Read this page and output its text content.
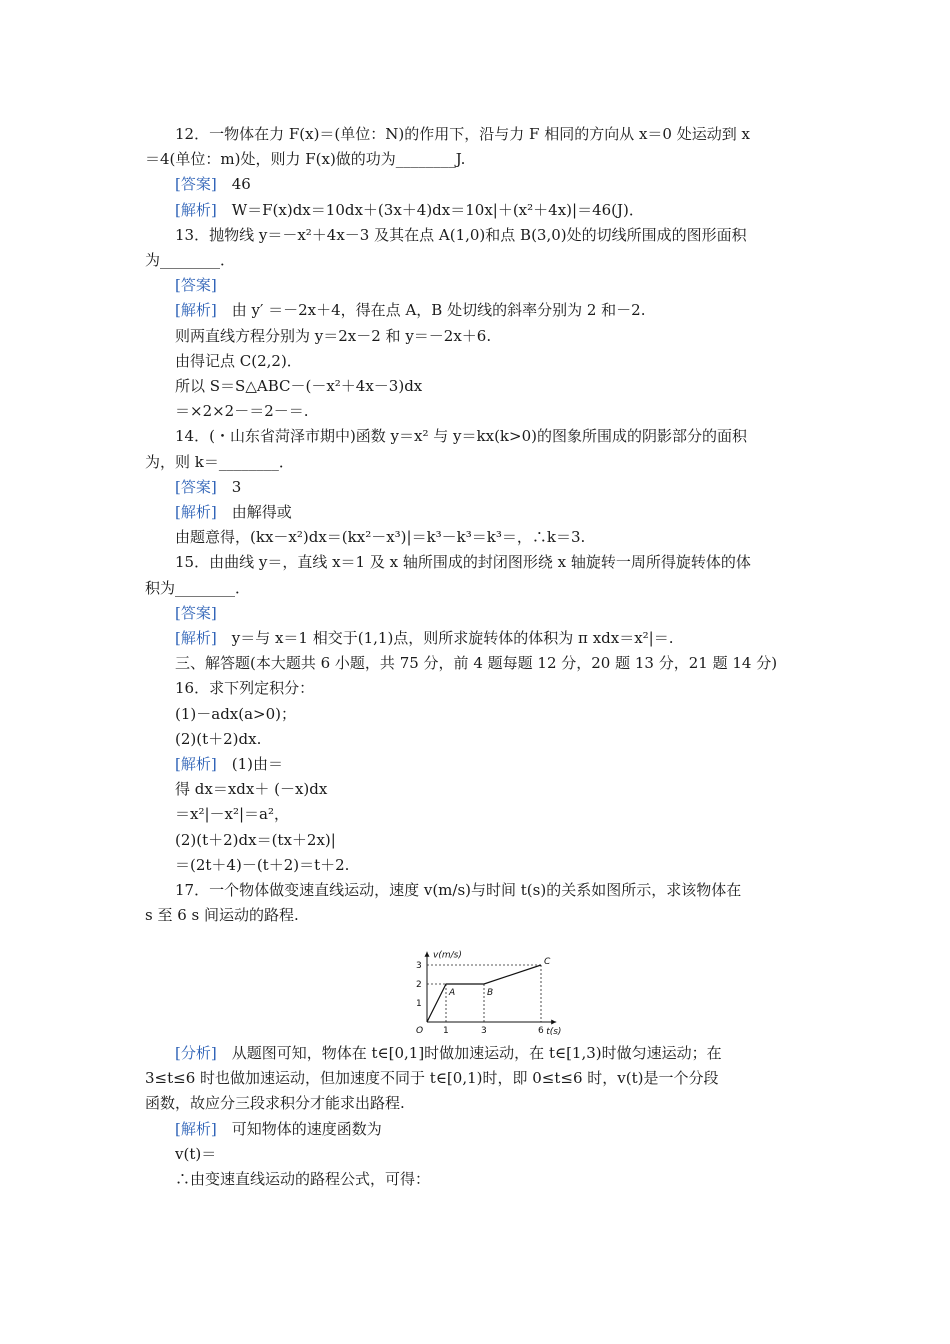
12．一物体在力 F(x)＝(单位：N)的作用下，沿与力 F 相同的方向从 x＝0 处运动到 x
＝4(单位：m)处，则力 F(x)做的功为________J.
[答案]　46
[解析]　W＝F(x)dx＝10dx＋(3x＋4)dx＝10x|＋(x²＋4x)|＝46(J)．
13．抛物线 y＝－x²＋4x－3 及其在点 A(1,0)和点 B(3,0)处的切线所围成的图形面积
为________．
[答案]
[解析]　由 y′ ＝－2x＋4，得在点 A，B 处切线的斜率分别为 2 和－2.
则两直线方程分别为 y＝2x－2 和 y＝－2x＋6.
由得记点 C(2,2)．
所以 S＝S△ABC－(－x²＋4x－3)dx
＝×2×2－＝2－＝.
14．(・山东省菏泽市期中)函数 y＝x² 与 y＝kx(k>0)的图象所围成的阴影部分的面积
为，则 k＝________．
[答案]　3
[解析]　由解得或
由题意得，(kx－x²)dx＝(kx²－x³)|＝k³－k³＝k³＝，∴k＝3.
15．由曲线 y＝，直线 x＝1 及 x 轴所围成的封闭图形绕 x 轴旋转一周所得旋转体的体
积为________．
[答案]
[解析]　y＝与 x＝1 相交于(1,1)点，则所求旋转体的体积为 π xdx＝x²|＝.
三、解答题(本大题共 6 小题，共 75 分，前 4 题每题 12 分，20 题 13 分，21 题 14 分)
16．求下列定积分：
(1)－adx(a>0)；
(2)(t＋2)dx.
[解析]　(1)由＝
得 dx＝xdx＋ (－x)dx
＝x²|－x²|＝a²，
(2)(t＋2)dx＝(tx＋2x)|
＝(2t＋4)－(t＋2)＝t＋2.
17．一个物体做变速直线运动，速度 v(m/s)与时间 t(s)的关系如图所示，求该物体在
s 至 6 s 间运动的路程.
v(m/s)
t(s)
O 1	3	6
1
2
3
A	B
C
[分析]　从题图可知，物体在 t∈[0,1]时做加速运动，在 t∈[1,3)时做匀速运动；在
3≤t≤6 时也做加速运动，但加速度不同于 t∈[0,1)时，即 0≤t≤6 时，v(t)是一个分段
函数，故应分三段求积分才能求出路程.
[解析]　可知物体的速度函数为
v(t)＝
∴由变速直线运动的路程公式，可得：
